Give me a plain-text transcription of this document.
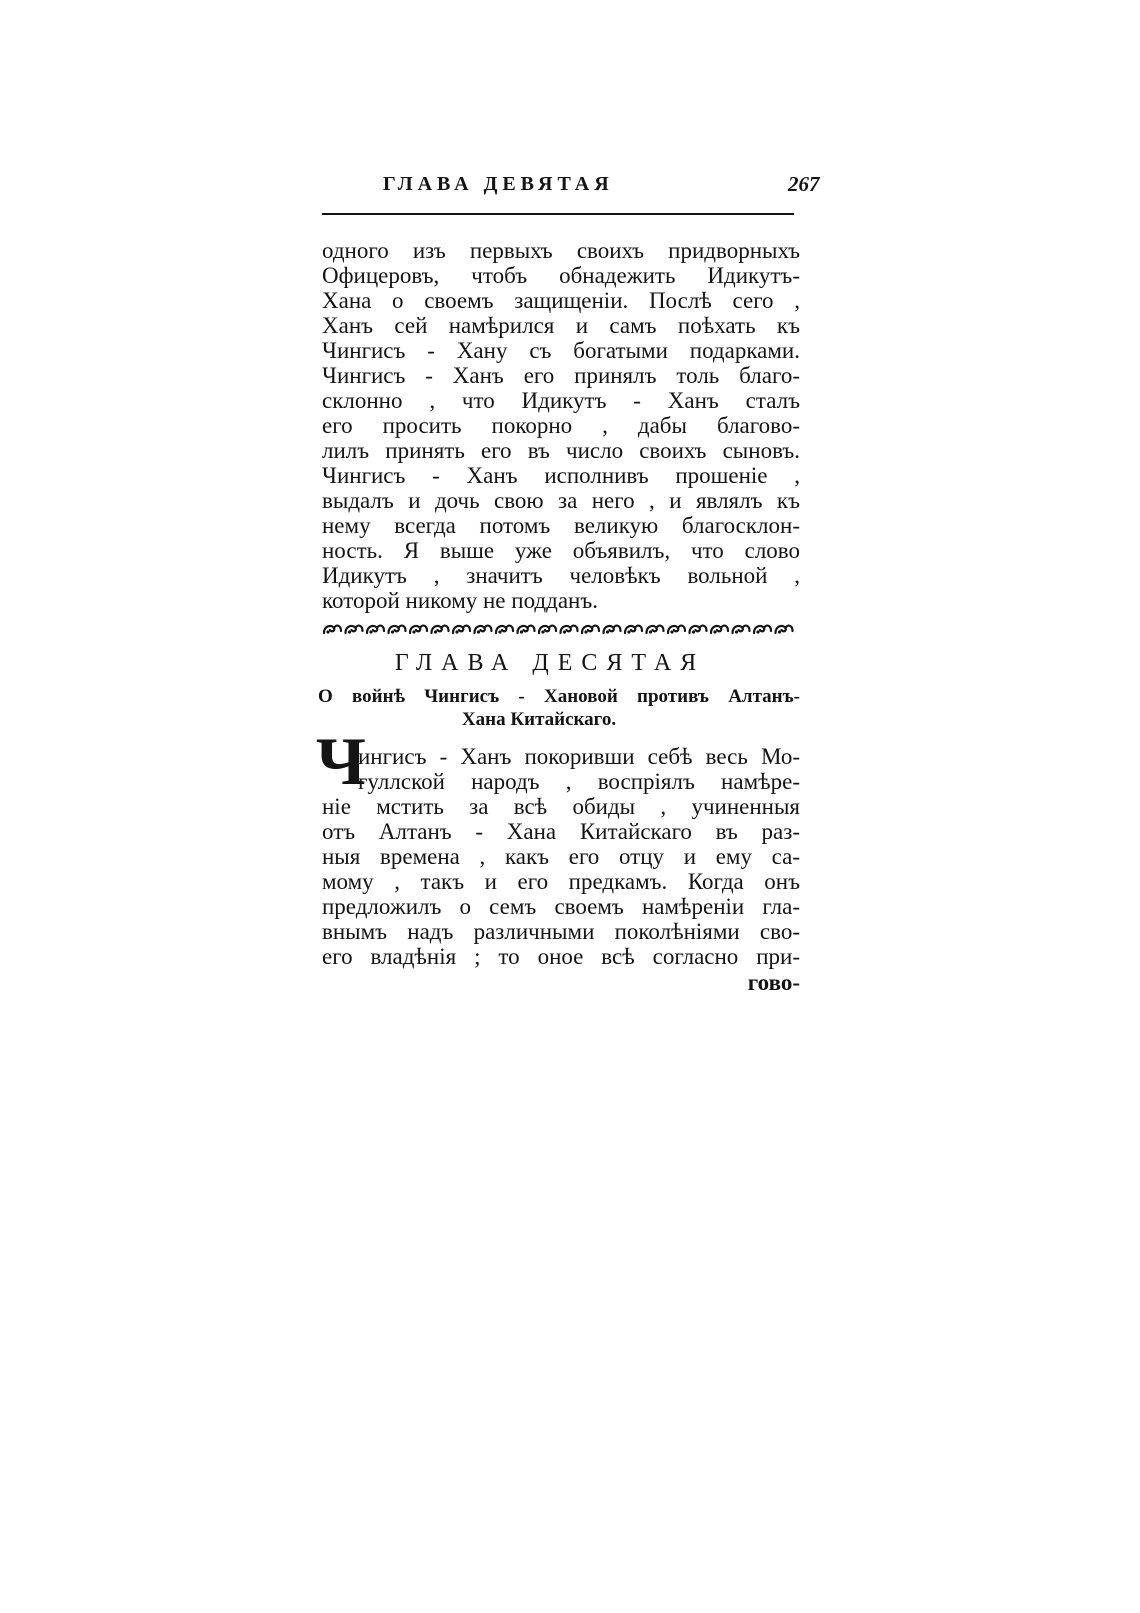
ГЛАВА ДЕВЯТАЯ	267
одного изъ первыхъ своихъ придворныхъ
Офицеровъ, чтобъ обнадежить Идикутъ-
Хана о своемъ защищеніи. Послѣ сего ,
Ханъ сей намѣрился и самъ поѣхать къ
Чингисъ - Хану съ богатыми подарками.
Чингисъ - Ханъ его принялъ толь благо-
склонно , что Идикутъ - Ханъ сталъ
его просить покорно , дабы благово-
лилъ принять его въ число своихъ сыновъ.
Чингисъ - Ханъ исполнивъ прошеніе ,
выдалъ и дочь свою за него , и являлъ къ
нему всегда потомъ великую благосклон-
ность. Я выше уже объявилъ, что слово
Идикутъ , значитъ человѣкъ вольной ,
которой никому не подданъ.
ГЛАВА ДЕСЯТАЯ
О войнѣ Чингисъ - Хановой противъ Алтанъ-
Хана Китайскаго.
Ч
ингисъ - Ханъ покоривши себѣ весь Мо-
гуллской народъ , воспріялъ намѣре-
ніе мстить за всѣ обиды , учиненныя
отъ Алтанъ - Хана Китайскаго въ раз-
ныя времена , какъ его отцу и ему са-
мому , такъ и его предкамъ. Когда онъ
предложилъ о семъ своемъ намѣреніи гла-
внымъ надъ различными поколѣніями сво-
его владѣнія ; то оное всѣ согласно при-
гово-
